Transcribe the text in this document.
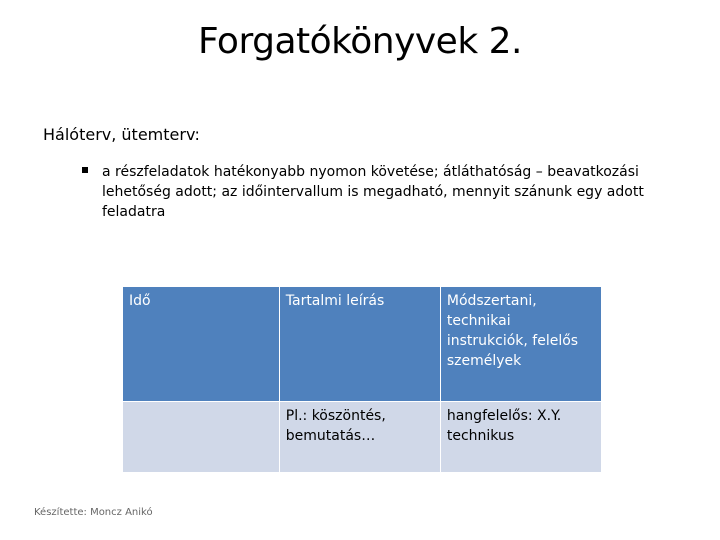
Forgatókönyvek 2.
Hálóterv, ütemterv:
a részfeladatok hatékonyabb nyomon követése; átláthatóság – beavatkozási lehetőség adott; az időintervallum is megadható, mennyit szánunk egy adott feladatra
Idő	Tartalmi leírás	Módszertani, technikai instrukciók, felelős személyek
	Pl.: köszöntés, bemutatás…	hangfelelős: X.Y. technikus
Készítette: Moncz Anikó
